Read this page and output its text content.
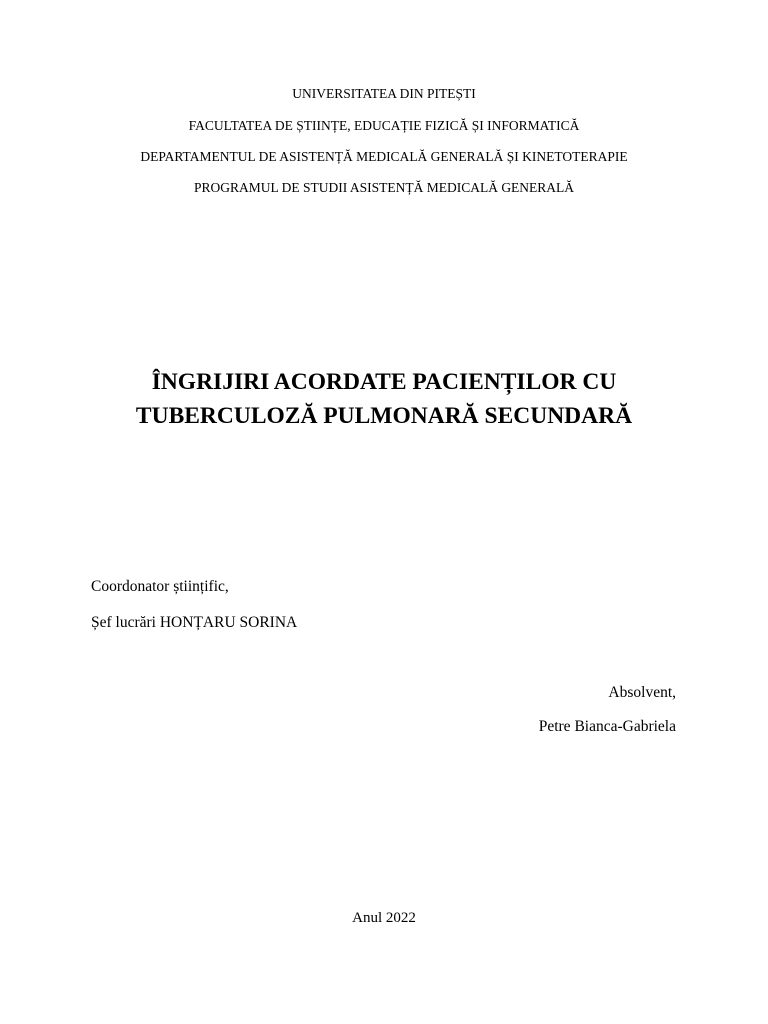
UNIVERSITATEA DIN PITEȘTI
FACULTATEA DE ȘTIINȚE, EDUCAȚIE FIZICĂ ȘI INFORMATICĂ
DEPARTAMENTUL DE ASISTENȚĂ MEDICALĂ GENERALĂ ȘI KINETOTERAPIE
PROGRAMUL DE STUDII ASISTENȚĂ MEDICALĂ GENERALĂ
ÎNGRIJIRI ACORDATE PACIENȚILOR CU
TUBERCULOZĂ PULMONARĂ SECUNDARĂ
Coordonator științific,
Șef lucrări HONȚARU SORINA
Absolvent,
Petre Bianca-Gabriela
Anul 2022
